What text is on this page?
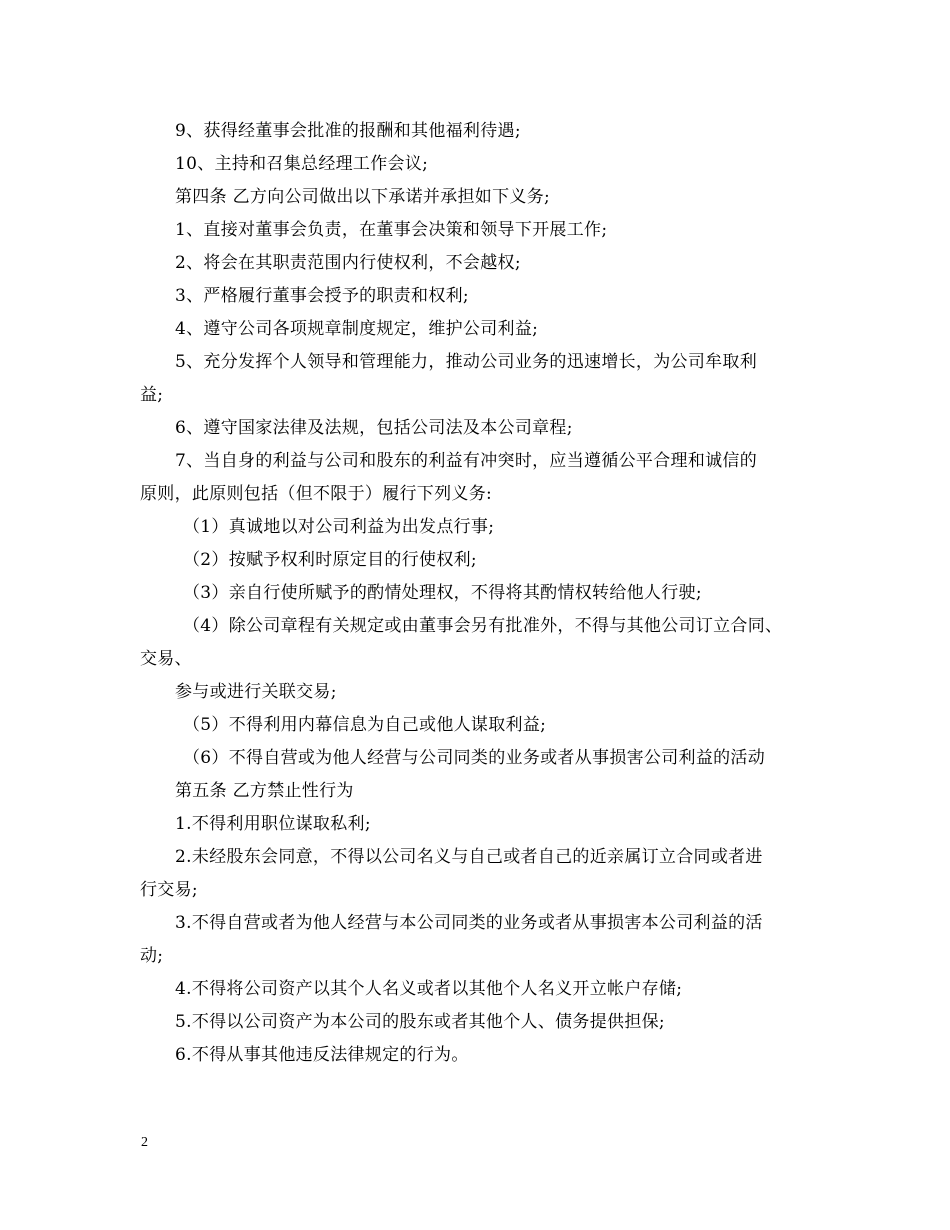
9、获得经董事会批准的报酬和其他福利待遇;
10、主持和召集总经理工作会议;
第四条 乙方向公司做出以下承诺并承担如下义务;
1、直接对董事会负责，在董事会决策和领导下开展工作;
2、将会在其职责范围内行使权利，不会越权;
3、严格履行董事会授予的职责和权利;
4、遵守公司各项规章制度规定，维护公司利益;
5、充分发挥个人领导和管理能力，推动公司业务的迅速增长，为公司牟取利
益;
6、遵守国家法律及法规，包括公司法及本公司章程;
7、当自身的利益与公司和股东的利益有冲突时，应当遵循公平合理和诚信的
原则，此原则包括（但不限于）履行下列义务:
（1）真诚地以对公司利益为出发点行事;
（2）按赋予权利时原定目的行使权利;
（3）亲自行使所赋予的酌情处理权，不得将其酌情权转给他人行驶;
（4）除公司章程有关规定或由董事会另有批准外，不得与其他公司订立合同、
交易、
参与或进行关联交易;
（5）不得利用内幕信息为自己或他人谋取利益;
（6）不得自营或为他人经营与公司同类的业务或者从事损害公司利益的活动
第五条 乙方禁止性行为
1.不得利用职位谋取私利;
2.未经股东会同意，不得以公司名义与自己或者自己的近亲属订立合同或者进
行交易;
3.不得自营或者为他人经营与本公司同类的业务或者从事损害本公司利益的活
动;
4.不得将公司资产以其个人名义或者以其他个人名义开立帐户存储;
5.不得以公司资产为本公司的股东或者其他个人、债务提供担保;
6.不得从事其他违反法律规定的行为。
2
